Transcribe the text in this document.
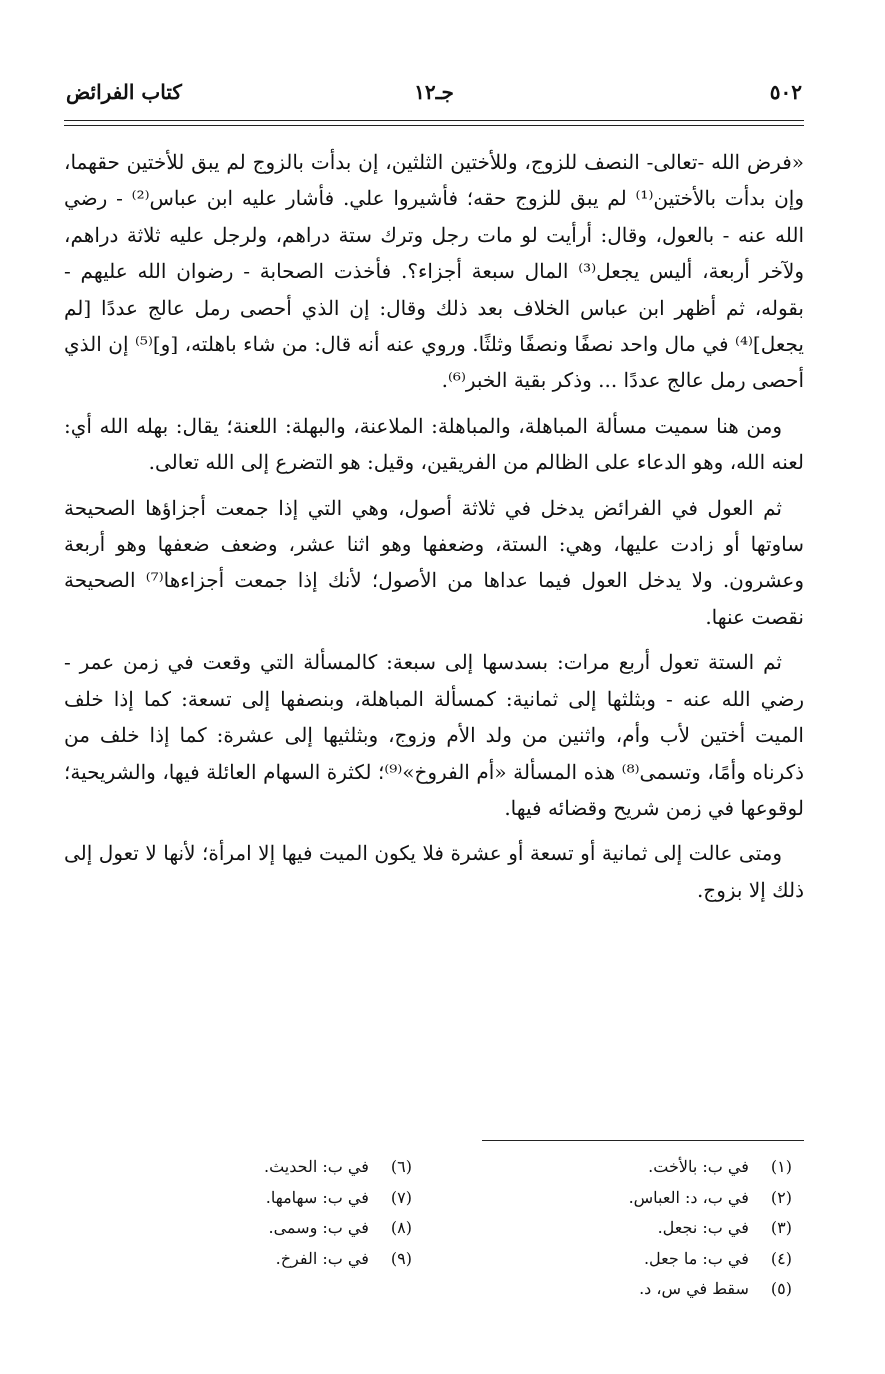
٥٠٢
جـ١٢
كتاب الفرائض

«فرض الله -تعالى- النصف للزوج، وللأختين الثلثين، إن بدأت بالزوج لم يبق للأختين حقهما، وإن بدأت بالأختين⁽¹⁾ لم يبق للزوج حقه؛ فأشيروا علي. فأشار عليه ابن عباس⁽²⁾ - رضي الله عنه - بالعول، وقال: أرأيت لو مات رجل وترك ستة دراهم، ولرجل عليه ثلاثة دراهم، ولآخر أربعة، أليس يجعل⁽³⁾ المال سبعة أجزاء؟. فأخذت الصحابة - رضوان الله عليهم - بقوله، ثم أظهر ابن عباس الخلاف بعد ذلك وقال: إن الذي أحصى رمل عالج عددًا [لم يجعل]⁽⁴⁾ في مال واحد نصفًا ونصفًا وثلثًا. وروي عنه أنه قال: من شاء باهلته، [و]⁽⁵⁾ إن الذي أحصى رمل عالج عددًا ... وذكر بقية الخبر⁽⁶⁾.

ومن هنا سميت مسألة المباهلة، والمباهلة: الملاعنة، والبهلة: اللعنة؛ يقال: بهله الله أي: لعنه الله، وهو الدعاء على الظالم من الفريقين، وقيل: هو التضرع إلى الله تعالى.

ثم العول في الفرائض يدخل في ثلاثة أصول، وهي التي إذا جمعت أجزاؤها الصحيحة ساوتها أو زادت عليها، وهي: الستة، وضعفها وهو اثنا عشر، وضعف ضعفها وهو أربعة وعشرون. ولا يدخل العول فيما عداها من الأصول؛ لأنك إذا جمعت أجزاءها⁽⁷⁾ الصحيحة نقصت عنها.

ثم الستة تعول أربع مرات: بسدسها إلى سبعة: كالمسألة التي وقعت في زمن عمر - رضي الله عنه - وبثلثها إلى ثمانية: كمسألة المباهلة، وبنصفها إلى تسعة: كما إذا خلف الميت أختين لأب وأم، واثنين من ولد الأم وزوج، وبثلثيها إلى عشرة: كما إذا خلف من ذكرناه وأمًا، وتسمى⁽⁸⁾ هذه المسألة «أم الفروخ»⁽⁹⁾؛ لكثرة السهام العائلة فيها، والشريحية؛ لوقوعها في زمن شريح وقضائه فيها.

ومتى عالت إلى ثمانية أو تسعة أو عشرة فلا يكون الميت فيها إلا امرأة؛ لأنها لا تعول إلى ذلك إلا بزوج.

(١) في ب: بالأخت.
(٢) في ب، د: العباس.
(٣) في ب: نجعل.
(٤) في ب: ما جعل.
(٥) سقط في س، د.
(٦) في ب: الحديث.
(٧) في ب: سهامها.
(٨) في ب: وسمى.
(٩) في ب: الفرخ.
